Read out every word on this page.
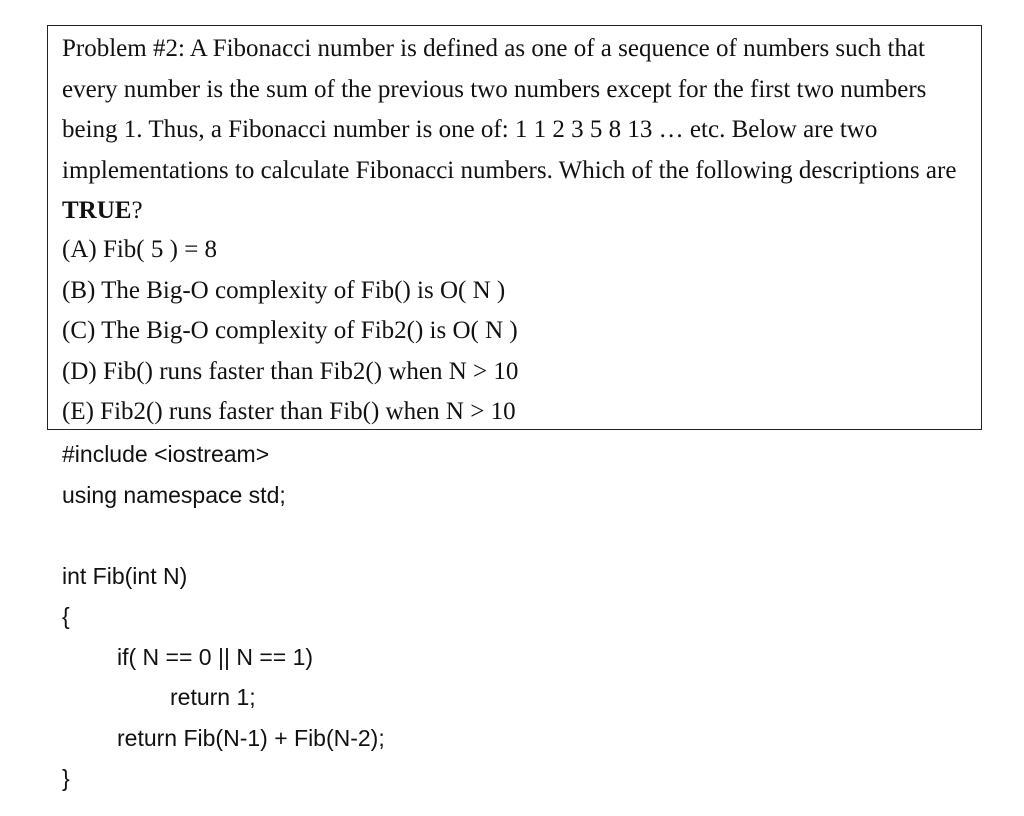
Problem #2: A Fibonacci number is defined as one of a sequence of numbers such that every number is the sum of the previous two numbers except for the first two numbers being 1. Thus, a Fibonacci number is one of: 1 1 2 3 5 8 13 … etc. Below are two implementations to calculate Fibonacci numbers. Which of the following descriptions are TRUE?

(A) Fib( 5 ) = 8
(B) The Big-O complexity of Fib() is O( N )
(C) The Big-O complexity of Fib2() is O( N )
(D) Fib() runs faster than Fib2() when N > 10
(E) Fib2() runs faster than Fib() when N > 10
#include <iostream>
using namespace std;
int Fib(int N)
{
if( N == 0 || N == 1)
return 1;
return Fib(N-1) + Fib(N-2);
}
